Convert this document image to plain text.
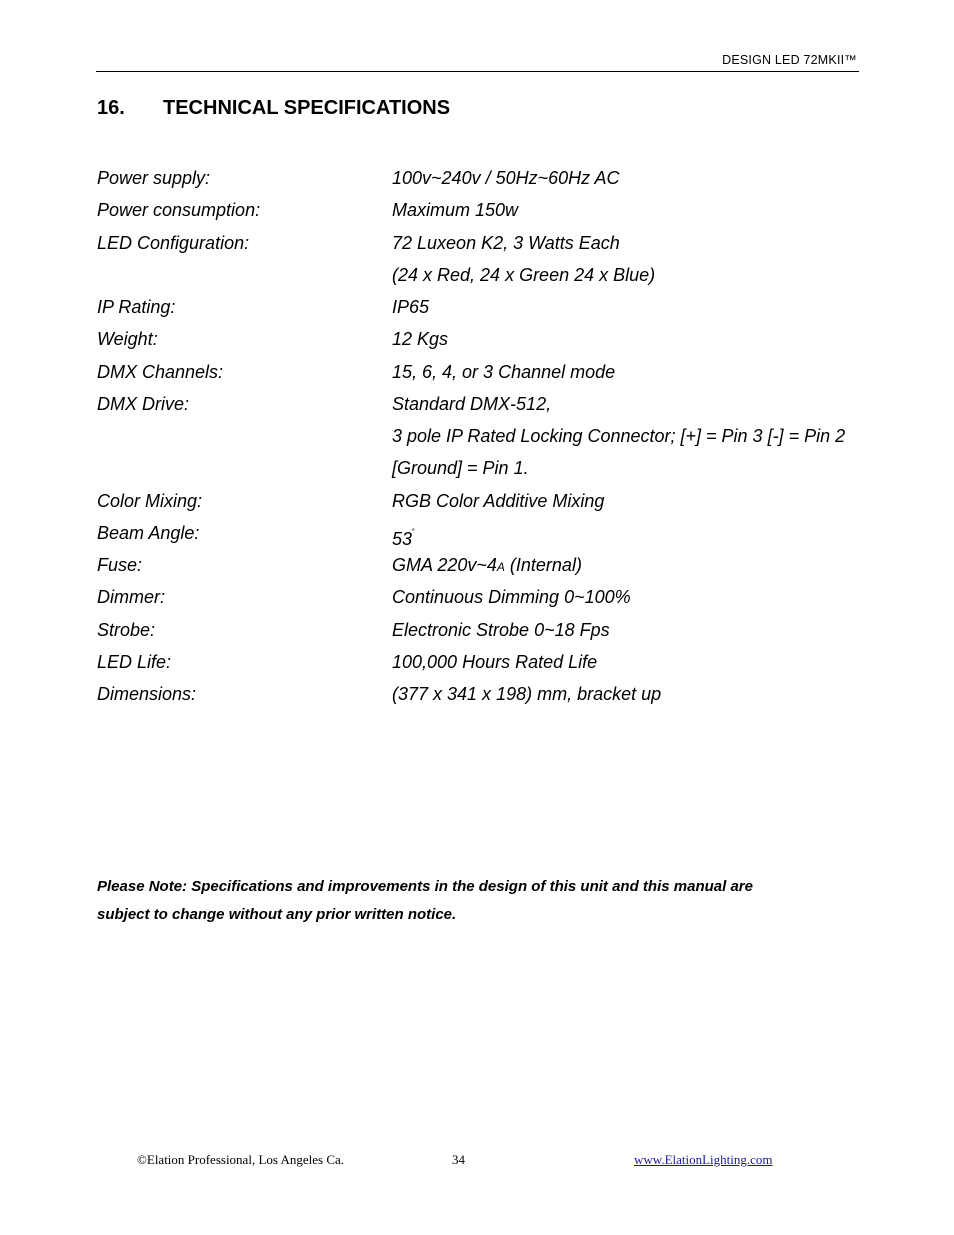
DESIGN LED 72MKII™
16. TECHNICAL SPECIFICATIONS
Power supply:	100v~240v / 50Hz~60Hz AC
Power consumption:	Maximum 150w
LED Configuration:	72 Luxeon K2, 3 Watts Each
(24 x Red, 24 x Green 24 x Blue)
IP Rating:	IP65
Weight:	12 Kgs
DMX Channels:	15, 6, 4, or 3 Channel mode
DMX Drive:	Standard DMX-512,
3 pole IP Rated Locking Connector; [+] = Pin 3 [-] = Pin 2
[Ground] = Pin 1.
Color Mixing:	RGB Color Additive Mixing
Beam Angle:	53˚
Fuse:	GMA 220v~4A (Internal)
Dimmer:	Continuous Dimming 0~100%
Strobe:	Electronic Strobe 0~18 Fps
LED Life:	100,000 Hours Rated Life
Dimensions:	(377 x 341 x 198) mm, bracket up
Please Note: Specifications and improvements in the design of this unit and this manual are
subject to change without any prior written notice.
©Elation Professional, Los Angeles Ca.	34	www.ElationLighting.com
